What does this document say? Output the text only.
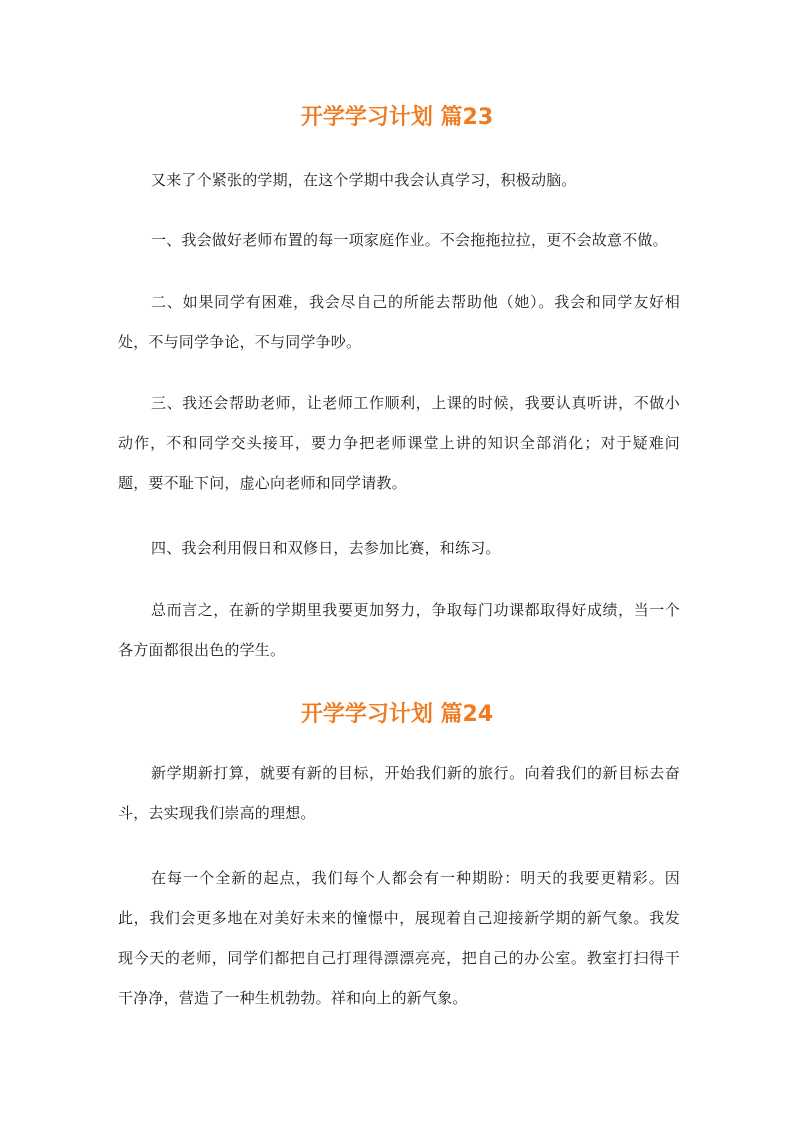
开学学习计划 篇23

又来了个紧张的学期，在这个学期中我会认真学习，积极动脑。

一、我会做好老师布置的每一项家庭作业。不会拖拖拉拉，更不会故意不做。

二、如果同学有困难，我会尽自己的所能去帮助他（她）。我会和同学友好相处，不与同学争论，不与同学争吵。

三、我还会帮助老师，让老师工作顺利，上课的时候，我要认真听讲，不做小动作，不和同学交头接耳，要力争把老师课堂上讲的知识全部消化；对于疑难问题，要不耻下问，虚心向老师和同学请教。

四、我会利用假日和双修日，去参加比赛，和练习。

总而言之，在新的学期里我要更加努力，争取每门功课都取得好成绩，当一个各方面都很出色的学生。

开学学习计划 篇24

新学期新打算，就要有新的目标，开始我们新的旅行。向着我们的新目标去奋斗，去实现我们崇高的理想。

在每一个全新的起点，我们每个人都会有一种期盼：明天的我要更精彩。因此，我们会更多地在对美好未来的憧憬中，展现着自己迎接新学期的新气象。我发现今天的老师，同学们都把自己打理得漂漂亮亮，把自己的办公室。教室打扫得干干净净，营造了一种生机勃勃。祥和向上的新气象。
